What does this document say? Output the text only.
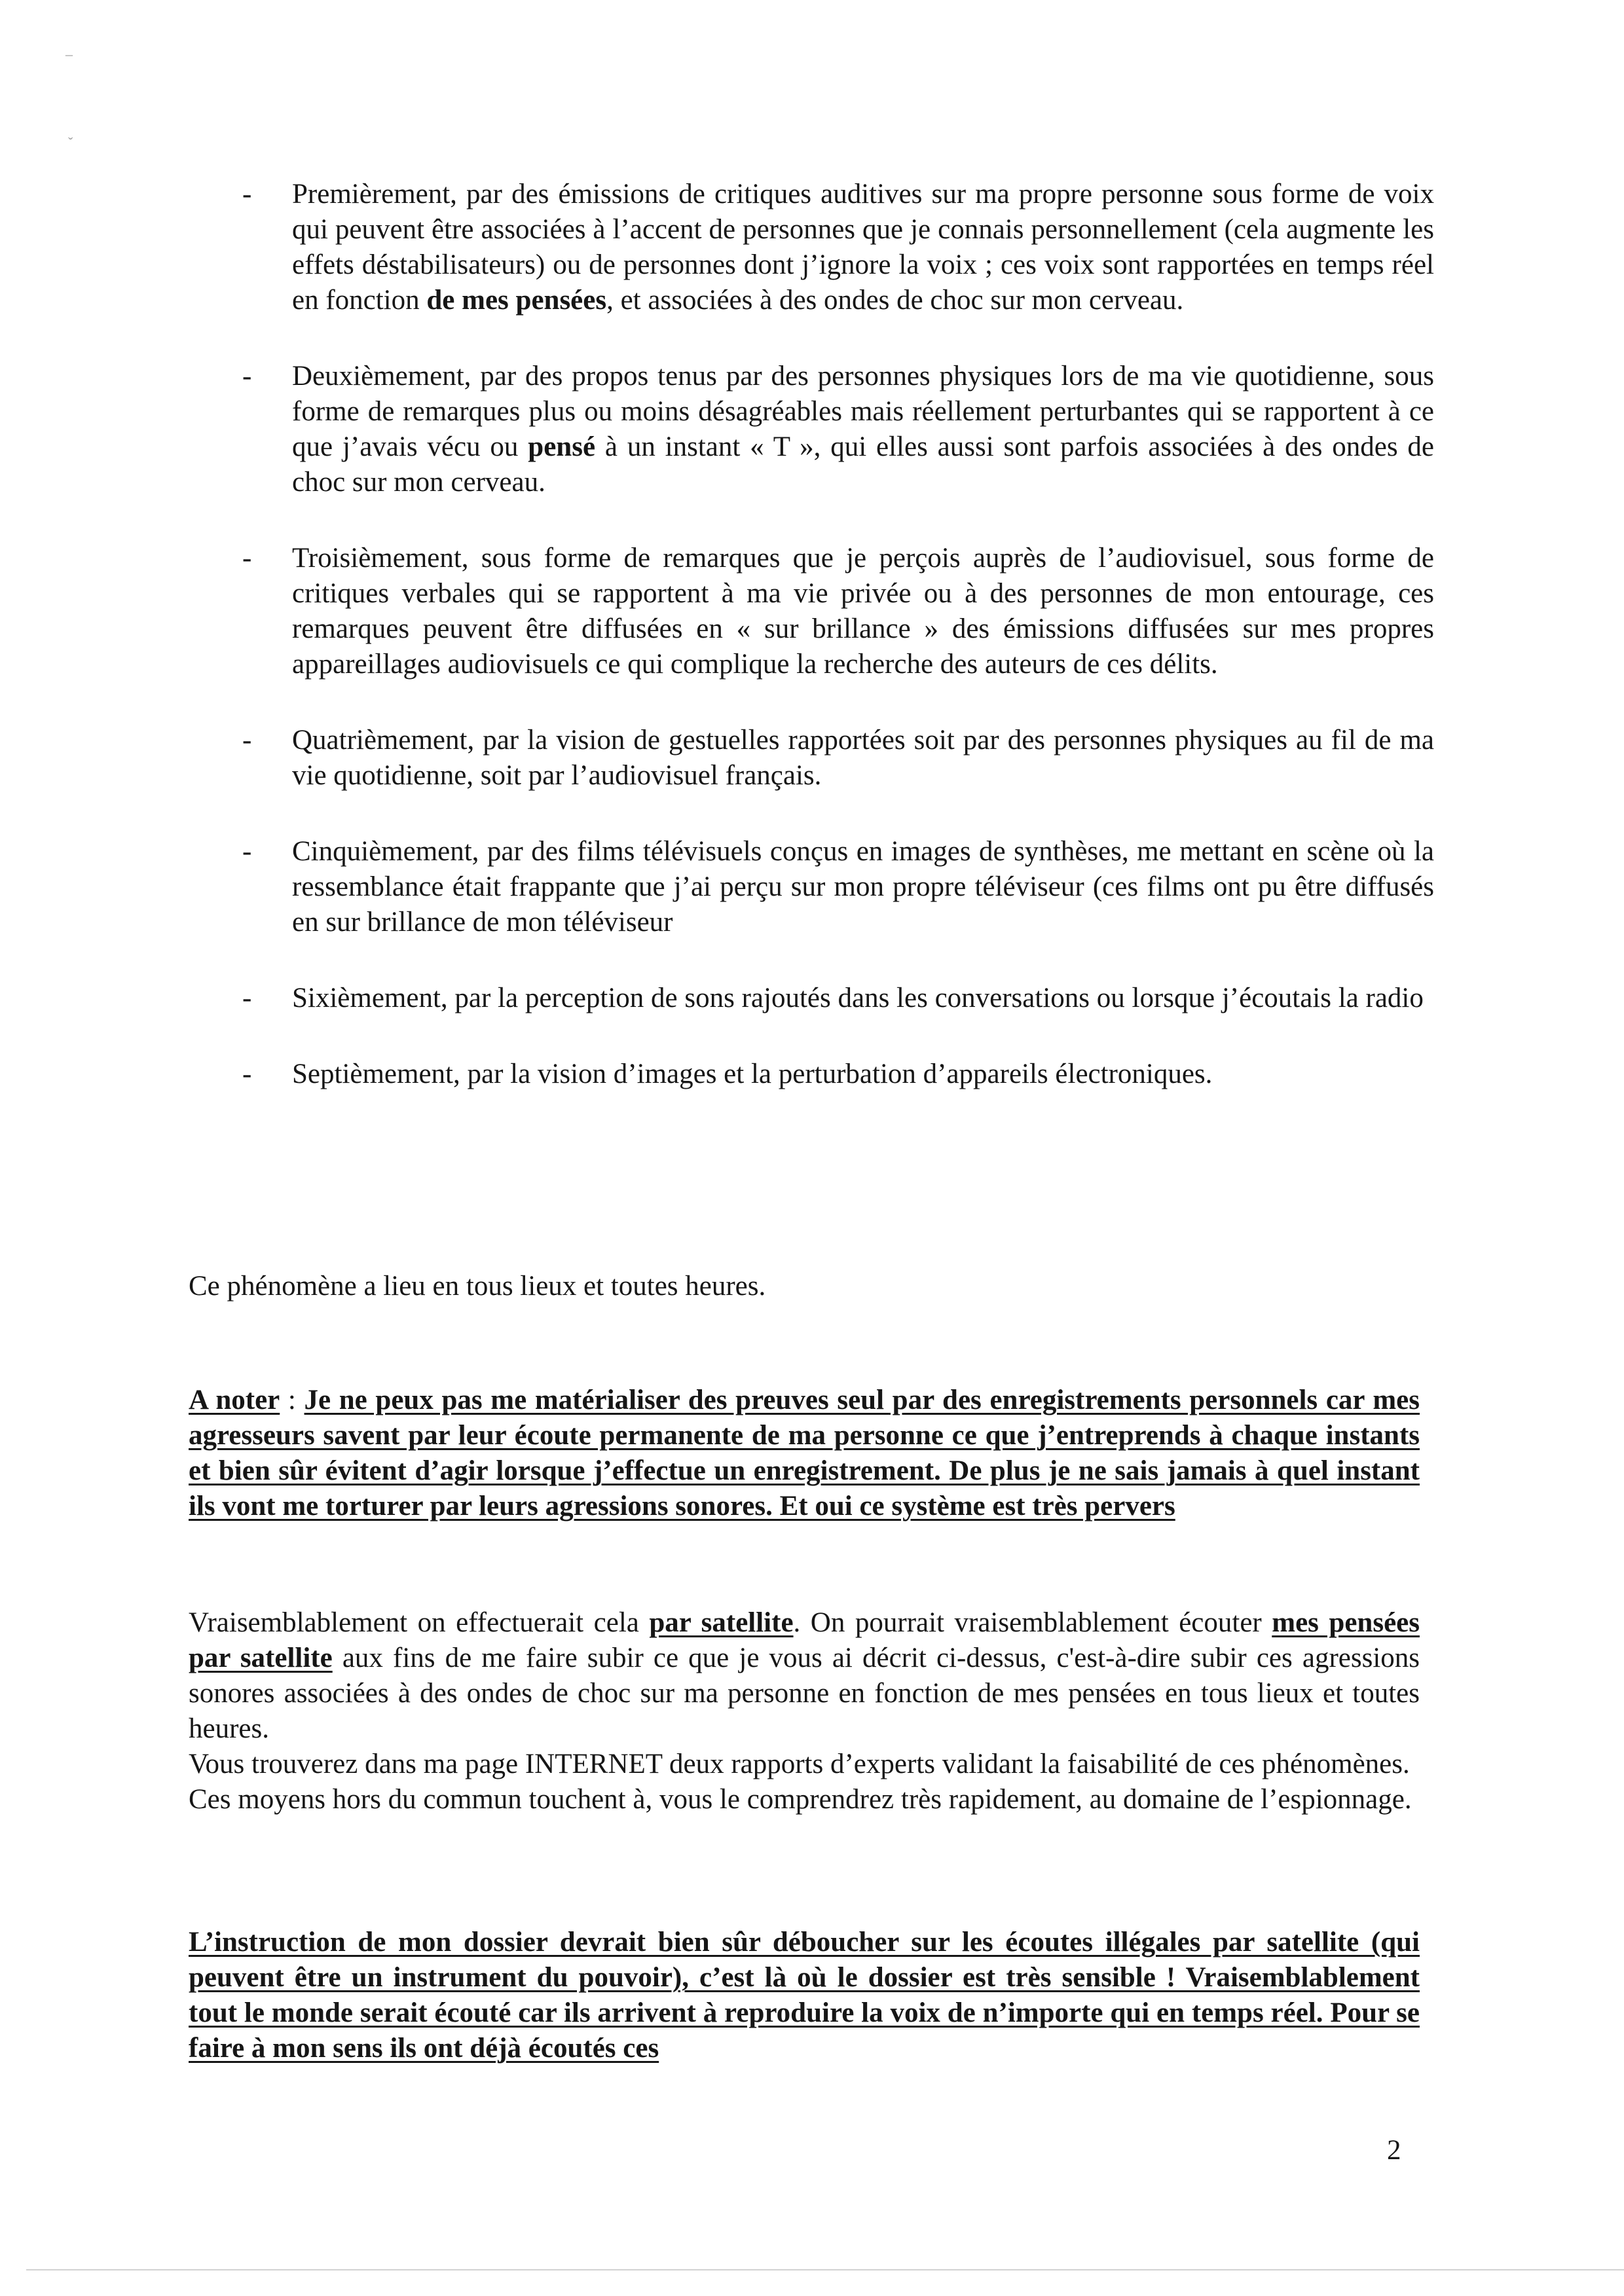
–
ˇ
- Premièrement, par des émissions de critiques auditives sur ma propre personne sous forme de voix qui peuvent être associées à l’accent de personnes que je connais personnellement (cela augmente les effets déstabilisateurs) ou de personnes dont j’ignore la voix ; ces voix sont rapportées en temps réel en fonction de mes pensées, et associées à des ondes de choc sur mon cerveau.
- Deuxièmement, par des propos tenus par des personnes physiques lors de ma vie quotidienne, sous forme de remarques plus ou moins désagréables mais réellement perturbantes qui se rapportent à ce que j’avais vécu ou pensé à un instant « T », qui elles aussi sont parfois associées à des ondes de choc sur mon cerveau.
- Troisièmement, sous forme de remarques que je perçois auprès de l’audiovisuel, sous forme de critiques verbales qui se rapportent à ma vie privée ou à des personnes de mon entourage, ces remarques peuvent être diffusées en « sur brillance » des émissions diffusées sur mes propres appareillages audiovisuels ce qui complique la recherche des auteurs de ces délits.
- Quatrièmement, par la vision de gestuelles rapportées soit par des personnes physiques au fil de ma vie quotidienne, soit par l’audiovisuel français.
- Cinquièmement, par des films télévisuels conçus en images de synthèses, me mettant en scène où la ressemblance était frappante que j’ai perçu sur mon propre téléviseur (ces films ont pu être diffusés en sur brillance de mon téléviseur
- Sixièmement, par la perception de sons rajoutés dans les conversations ou lorsque j’écoutais la radio
- Septièmement, par la vision d’images et la perturbation d’appareils électroniques.

Ce phénomène a lieu en tous lieux et toutes heures.

A noter : Je ne peux pas me matérialiser des preuves seul par des enregistrements personnels car mes agresseurs savent par leur écoute permanente de ma personne ce que j’entreprends à chaque instants et bien sûr évitent d’agir lorsque j’effectue un enregistrement. De plus je ne sais jamais à quel instant ils vont me torturer par leurs agressions sonores. Et oui ce système est très pervers

Vraisemblablement on effectuerait cela par satellite. On pourrait vraisemblablement écouter mes pensées par satellite aux fins de me faire subir ce que je vous ai décrit ci-dessus, c'est-à-dire subir ces agressions sonores associées à des ondes de choc sur ma personne en fonction de mes pensées en tous lieux et toutes heures.

Vous trouverez dans ma page INTERNET deux rapports d’experts validant la faisabilité de ces phénomènes.

Ces moyens hors du commun touchent à, vous le comprendrez très rapidement, au domaine de l’espionnage.

L’instruction de mon dossier devrait bien sûr déboucher sur les écoutes illégales par satellite (qui peuvent être un instrument du pouvoir), c’est là où le dossier est très sensible ! Vraisemblablement tout le monde serait écouté car ils arrivent à reproduire la voix de n’importe qui en temps réel. Pour se faire à mon sens ils ont déjà écoutés ces

2
